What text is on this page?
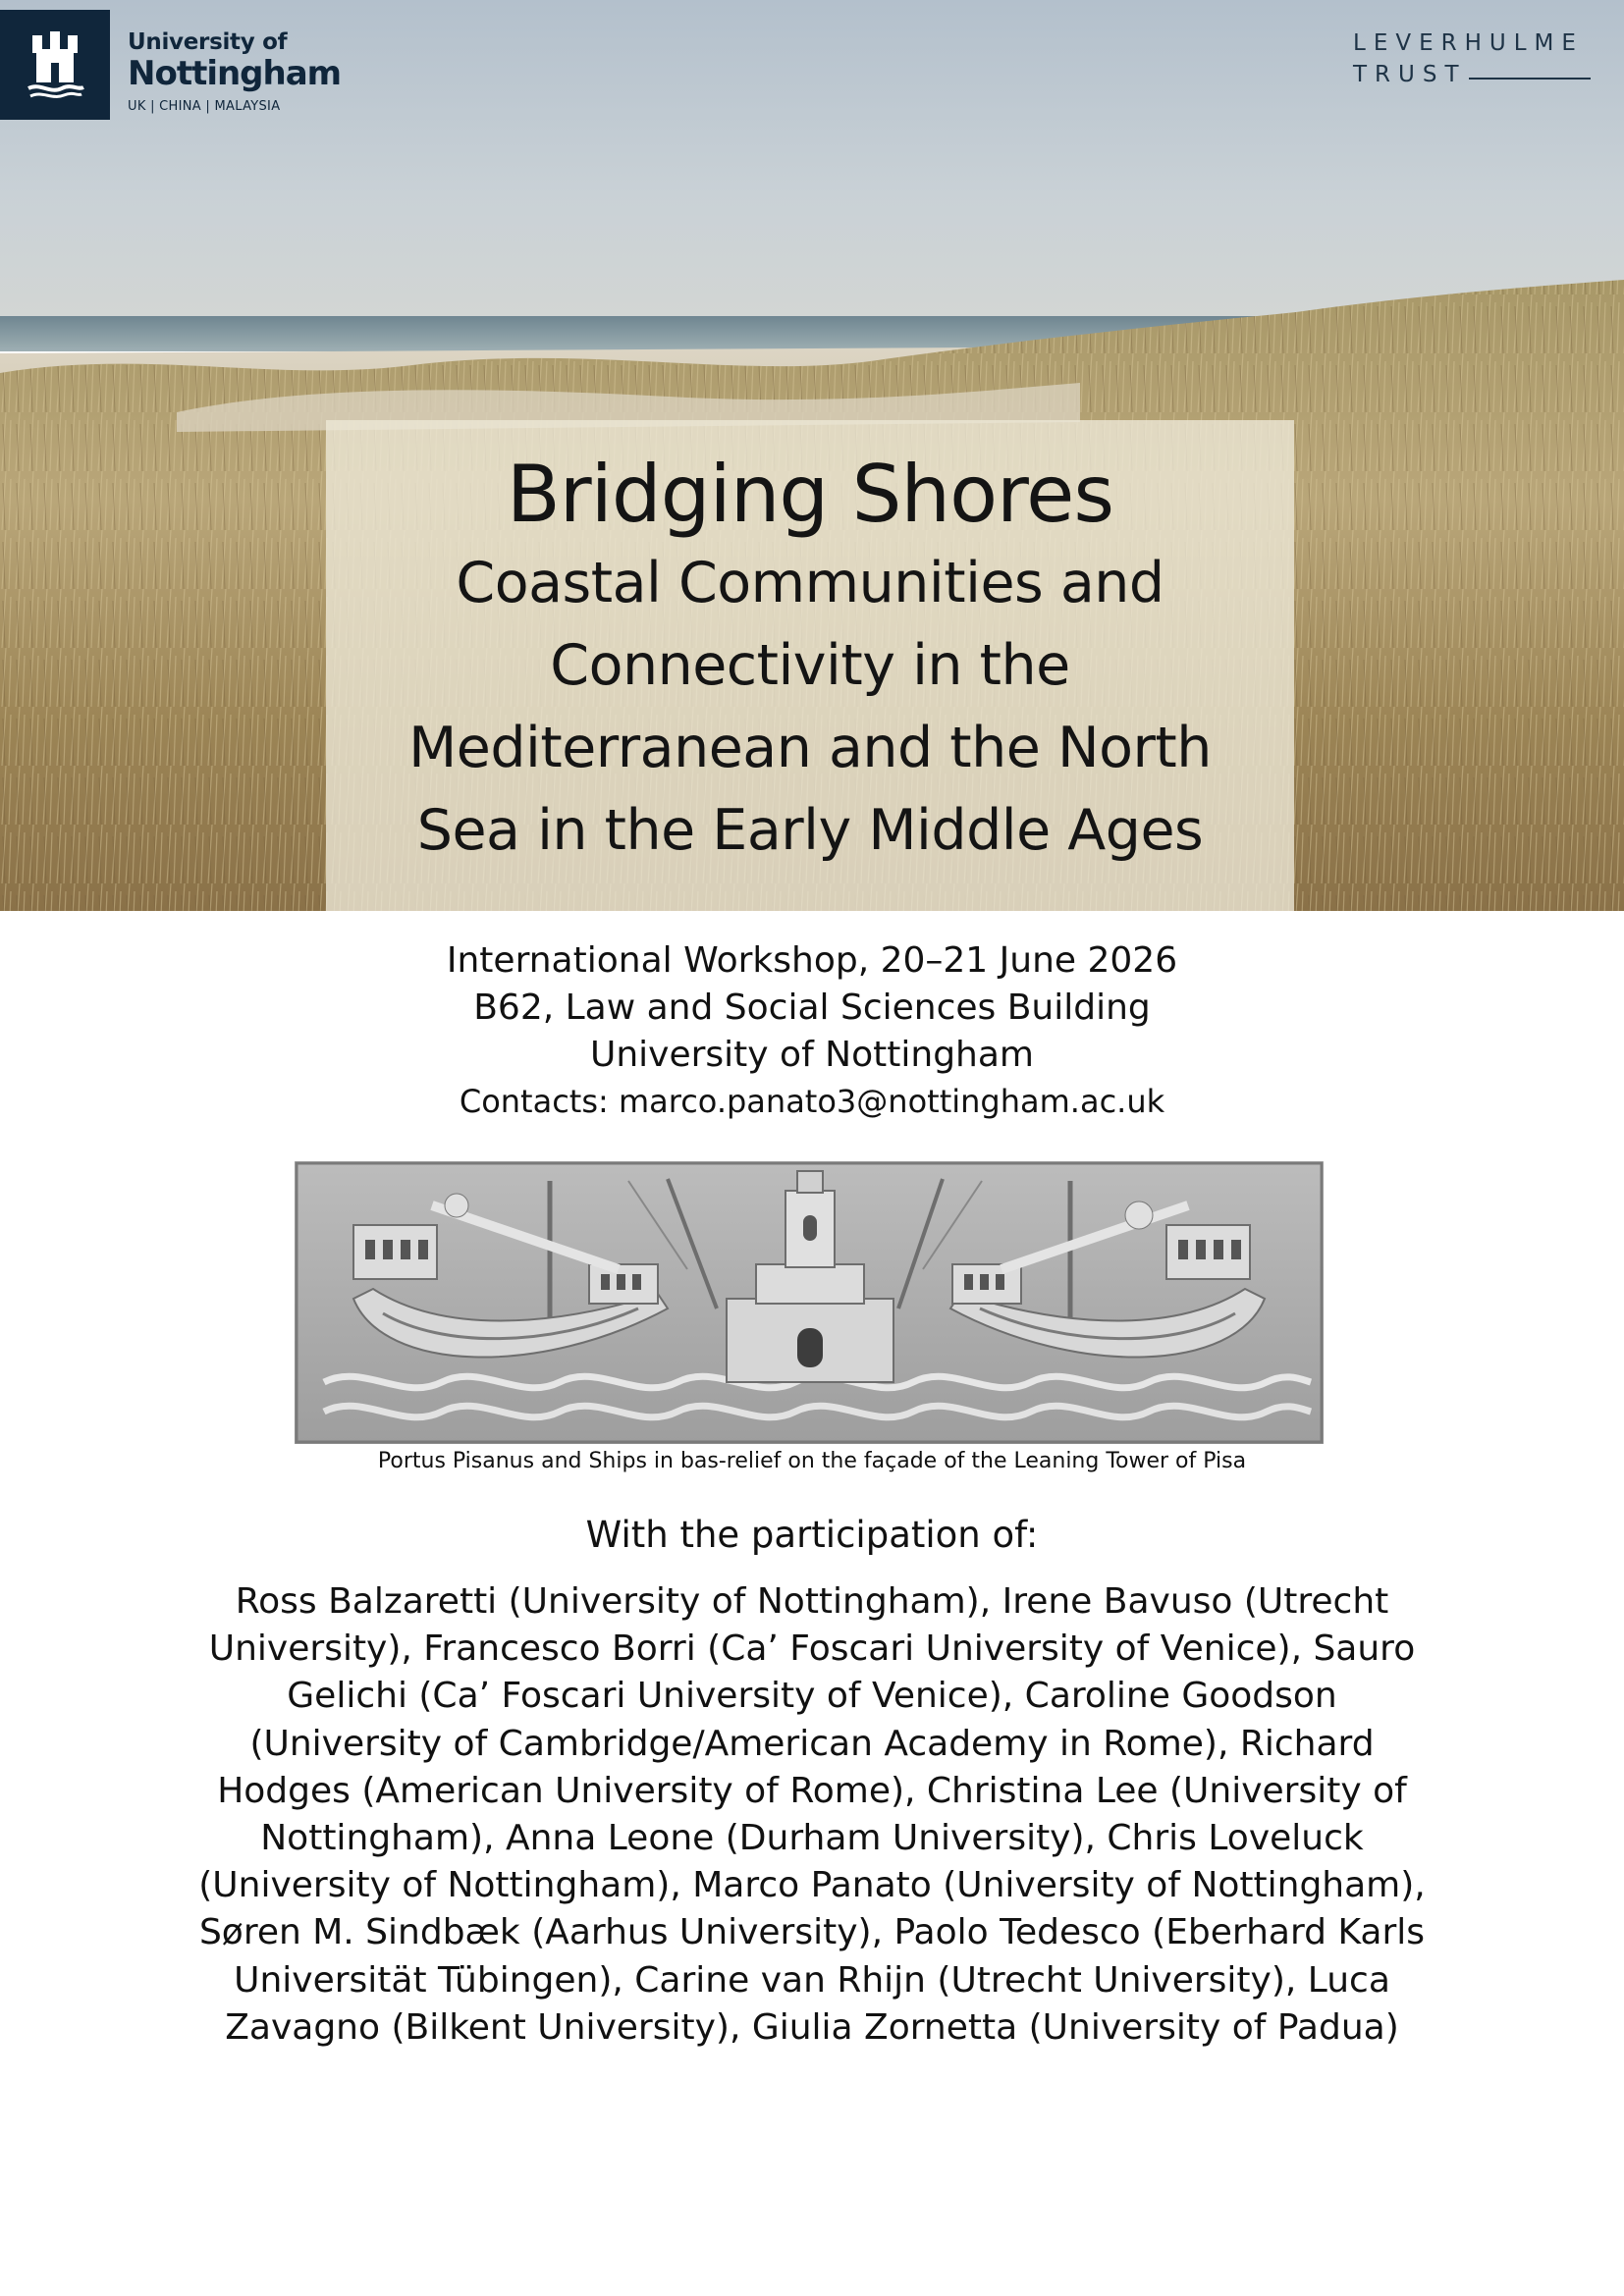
University of
Nottingham
UK | CHINA | MALAYSIA
LEVERHULME
TRUST
Bridging Shores
Coastal Communities and
Connectivity in the
Mediterranean and the North
Sea in the Early Middle Ages
International Workshop, 20–21 June 2026
B62, Law and Social Sciences Building
University of Nottingham
Contacts: marco.panato3@nottingham.ac.uk
Portus Pisanus and Ships in bas-relief on the façade of the Leaning Tower of Pisa
With the participation of:
Ross Balzaretti (University of Nottingham), Irene Bavuso (Utrecht
University), Francesco Borri (Ca’ Foscari University of Venice), Sauro
Gelichi (Ca’ Foscari University of Venice), Caroline Goodson
(University of Cambridge/American Academy in Rome), Richard
Hodges (American University of Rome), Christina Lee (University of
Nottingham), Anna Leone (Durham University), Chris Loveluck
(University of Nottingham), Marco Panato (University of Nottingham),
Søren M. Sindbæk (Aarhus University), Paolo Tedesco (Eberhard Karls
Universität Tübingen), Carine van Rhijn (Utrecht University), Luca
Zavagno (Bilkent University), Giulia Zornetta (University of Padua)
